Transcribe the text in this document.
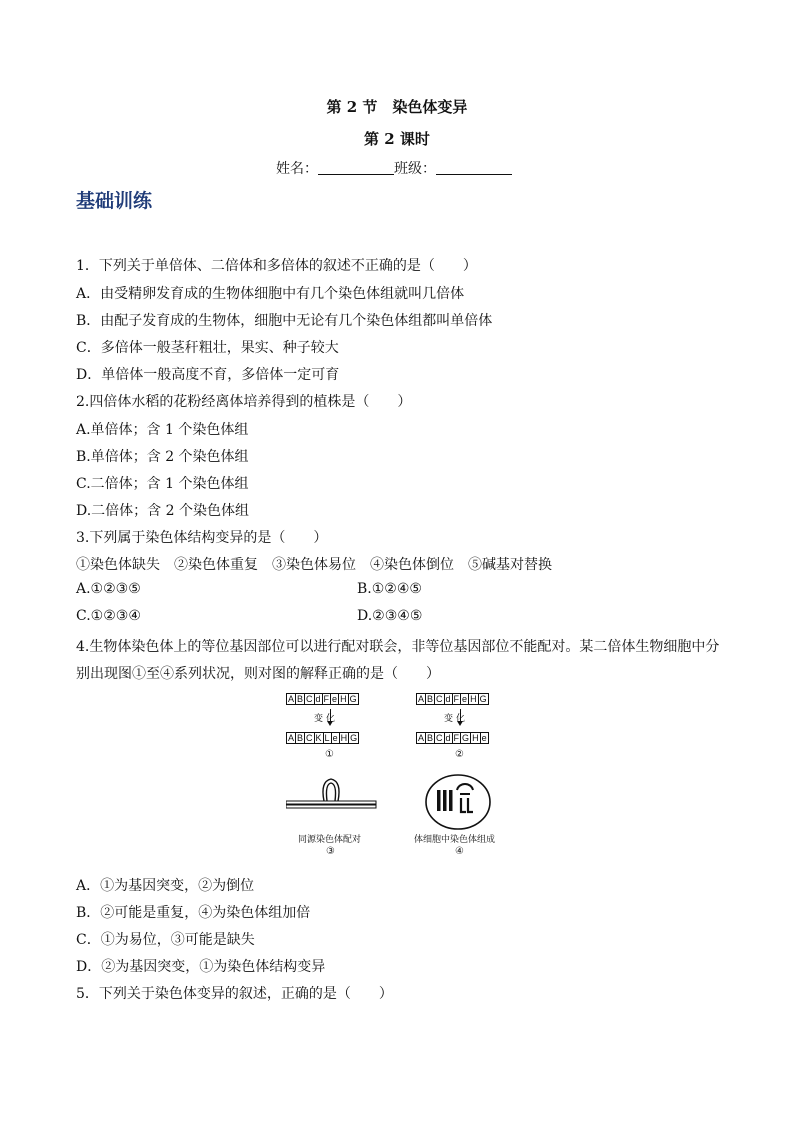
第 2 节　染色体变异
第 2 课时
姓名：	班级：
基础训练
1．下列关于单倍体、二倍体和多倍体的叙述不正确的是（　　）
A．由受精卵发育成的生物体细胞中有几个染色体组就叫几倍体
B．由配子发育成的生物体，细胞中无论有几个染色体组都叫单倍体
C．多倍体一般茎秆粗壮，果实、种子较大
D．单倍体一般高度不育，多倍体一定可育
2.四倍体水稻的花粉经离体培养得到的植株是（　　）
A.单倍体；含 1 个染色体组
B.单倍体；含 2 个染色体组
C.二倍体；含 1 个染色体组
D.二倍体；含 2 个染色体组
3.下列属于染色体结构变异的是（　　）
①染色体缺失　②染色体重复　③染色体易位　④染色体倒位　⑤碱基对替换
A.①②③⑤	B.①②④⑤
C.①②③④	D.②③④⑤
4.生物体染色体上的等位基因部位可以进行配对联会，非等位基因部位不能配对。某二倍体生物细胞中分
别出现图①至④系列状况，则对图的解释正确的是（　　）
A B C d F e H G
变 化
A B C K L e H G
①
A B C d F e H G
变 化
A B C d F G H e
②
同源染色体配对
③
体细胞中染色体组成
④
A．①为基因突变，②为倒位
B．②可能是重复，④为染色体组加倍
C．①为易位，③可能是缺失
D．②为基因突变，①为染色体结构变异
5．下列关于染色体变异的叙述，正确的是（　　）
